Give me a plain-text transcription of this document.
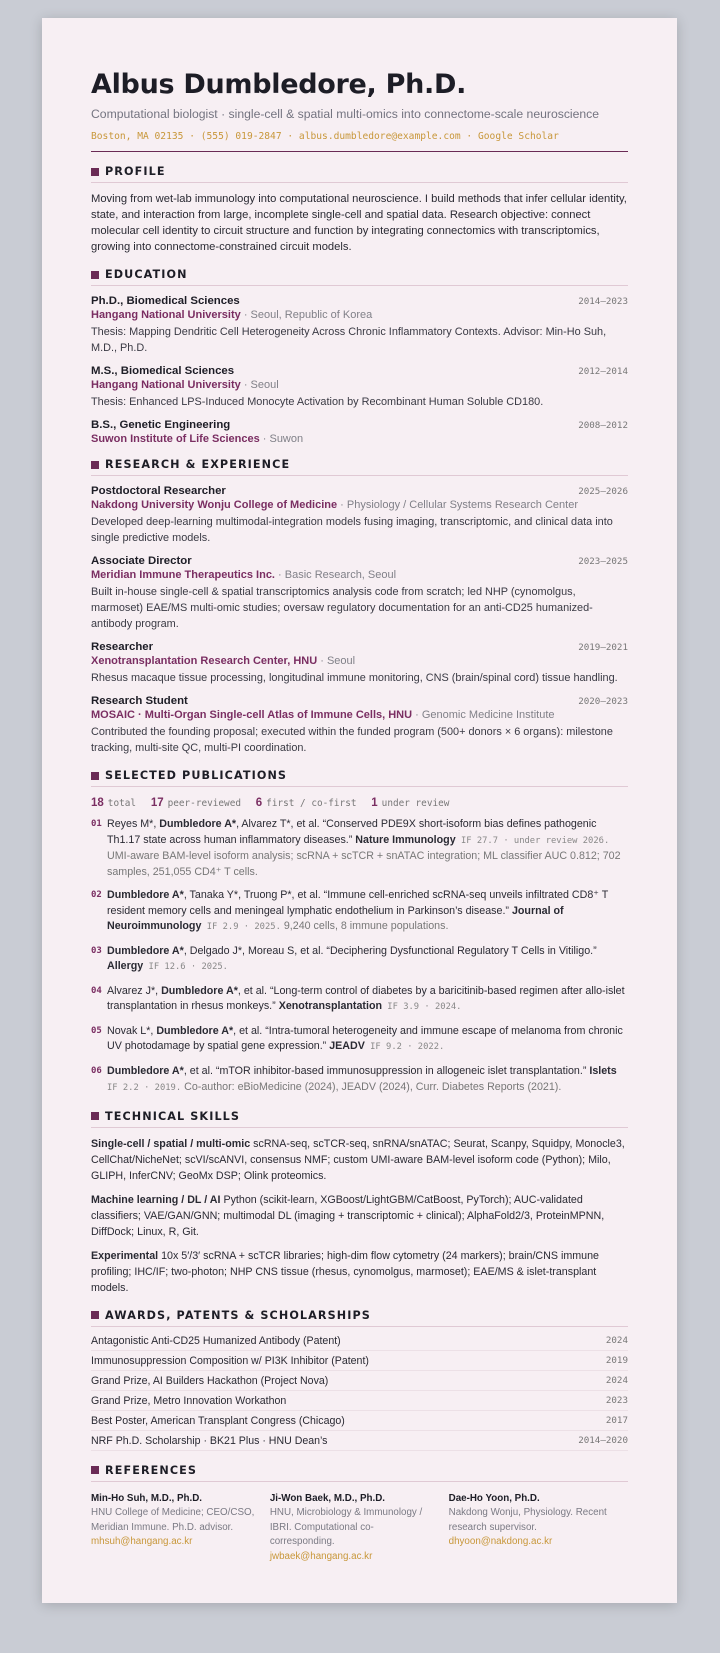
Albus Dumbledore, Ph.D.
Computational biologist · single-cell & spatial multi-omics into connectome-scale neuroscience
Boston, MA 02135 · (555) 019-2847 · albus.dumbledore@example.com · Google Scholar
PROFILE
Moving from wet-lab immunology into computational neuroscience. I build methods that infer cellular identity, state, and interaction from large, incomplete single-cell and spatial data. Research objective: connect molecular cell identity to circuit structure and function by integrating connectomics with transcriptomics, growing into connectome-constrained circuit models.
EDUCATION
Ph.D., Biomedical Sciences	2014–2023
Hangang National University · Seoul, Republic of Korea
Thesis: Mapping Dendritic Cell Heterogeneity Across Chronic Inflammatory Contexts. Advisor: Min-Ho Suh, M.D., Ph.D.
M.S., Biomedical Sciences	2012–2014
Hangang National University · Seoul
Thesis: Enhanced LPS-Induced Monocyte Activation by Recombinant Human Soluble CD180.
B.S., Genetic Engineering	2008–2012
Suwon Institute of Life Sciences · Suwon
RESEARCH & EXPERIENCE
Postdoctoral Researcher	2025–2026
Nakdong University Wonju College of Medicine · Physiology / Cellular Systems Research Center
Developed deep-learning multimodal-integration models fusing imaging, transcriptomic, and clinical data into single predictive models.
Associate Director	2023–2025
Meridian Immune Therapeutics Inc. · Basic Research, Seoul
Built in-house single-cell & spatial transcriptomics analysis code from scratch; led NHP (cynomolgus, marmoset) EAE/MS multi-omic studies; oversaw regulatory documentation for an anti-CD25 humanized-antibody program.
Researcher	2019–2021
Xenotransplantation Research Center, HNU · Seoul
Rhesus macaque tissue processing, longitudinal immune monitoring, CNS (brain/spinal cord) tissue handling.
Research Student	2020–2023
MOSAIC · Multi-Organ Single-cell Atlas of Immune Cells, HNU · Genomic Medicine Institute
Contributed the founding proposal; executed within the funded program (500+ donors × 6 organs): milestone tracking, multi-site QC, multi-PI coordination.
SELECTED PUBLICATIONS
18 total 17 peer-reviewed 6 first / co-first 1 under review
01 Reyes M*, Dumbledore A*, Alvarez T*, et al. “Conserved PDE9X short-isoform bias defines pathogenic Th1.17 state across human inflammatory diseases.” Nature Immunology IF 27.7 · under review 2026. UMI-aware BAM-level isoform analysis; scRNA + scTCR + snATAC integration; ML classifier AUC 0.812; 702 samples, 251,055 CD4⁺ T cells.
02 Dumbledore A*, Tanaka Y*, Truong P*, et al. “Immune cell-enriched scRNA-seq unveils infiltrated CD8⁺ T resident memory cells and meningeal lymphatic endothelium in Parkinson’s disease.” Journal of Neuroimmunology IF 2.9 · 2025. 9,240 cells, 8 immune populations.
03 Dumbledore A*, Delgado J*, Moreau S, et al. “Deciphering Dysfunctional Regulatory T Cells in Vitiligo.” Allergy IF 12.6 · 2025.
04 Alvarez J*, Dumbledore A*, et al. “Long-term control of diabetes by a baricitinib-based regimen after allo-islet transplantation in rhesus monkeys.” Xenotransplantation IF 3.9 · 2024.
05 Novak L*, Dumbledore A*, et al. “Intra-tumoral heterogeneity and immune escape of melanoma from chronic UV photodamage by spatial gene expression.” JEADV IF 9.2 · 2022.
06 Dumbledore A*, et al. “mTOR inhibitor-based immunosuppression in allogeneic islet transplantation.” Islets IF 2.2 · 2019. Co-author: eBioMedicine (2024), JEADV (2024), Curr. Diabetes Reports (2021).
TECHNICAL SKILLS
Single-cell / spatial / multi-omic scRNA-seq, scTCR-seq, snRNA/snATAC; Seurat, Scanpy, Squidpy, Monocle3, CellChat/NicheNet; scVI/scANVI, consensus NMF; custom UMI-aware BAM-level isoform code (Python); Milo, GLIPH, InferCNV; GeoMx DSP; Olink proteomics.
Machine learning / DL / AI Python (scikit-learn, XGBoost/LightGBM/CatBoost, PyTorch); AUC-validated classifiers; VAE/GAN/GNN; multimodal DL (imaging + transcriptomic + clinical); AlphaFold2/3, ProteinMPNN, DiffDock; Linux, R, Git.
Experimental 10x 5′/3′ scRNA + scTCR libraries; high-dim flow cytometry (24 markers); brain/CNS immune profiling; IHC/IF; two-photon; NHP CNS tissue (rhesus, cynomolgus, marmoset); EAE/MS & islet-transplant models.
AWARDS, PATENTS & SCHOLARSHIPS
Antagonistic Anti-CD25 Humanized Antibody (Patent)	2024
Immunosuppression Composition w/ PI3K Inhibitor (Patent)	2019
Grand Prize, AI Builders Hackathon (Project Nova)	2024
Grand Prize, Metro Innovation Workathon	2023
Best Poster, American Transplant Congress (Chicago)	2017
NRF Ph.D. Scholarship · BK21 Plus · HNU Dean’s	2014–2020
REFERENCES
Min-Ho Suh, M.D., Ph.D.
HNU College of Medicine; CEO/CSO, Meridian Immune. Ph.D. advisor.
mhsuh@hangang.ac.kr
Ji-Won Baek, M.D., Ph.D.
HNU, Microbiology & Immunology / IBRI. Computational co-corresponding.
jwbaek@hangang.ac.kr
Dae-Ho Yoon, Ph.D.
Nakdong Wonju, Physiology. Recent research supervisor.
dhyoon@nakdong.ac.kr
